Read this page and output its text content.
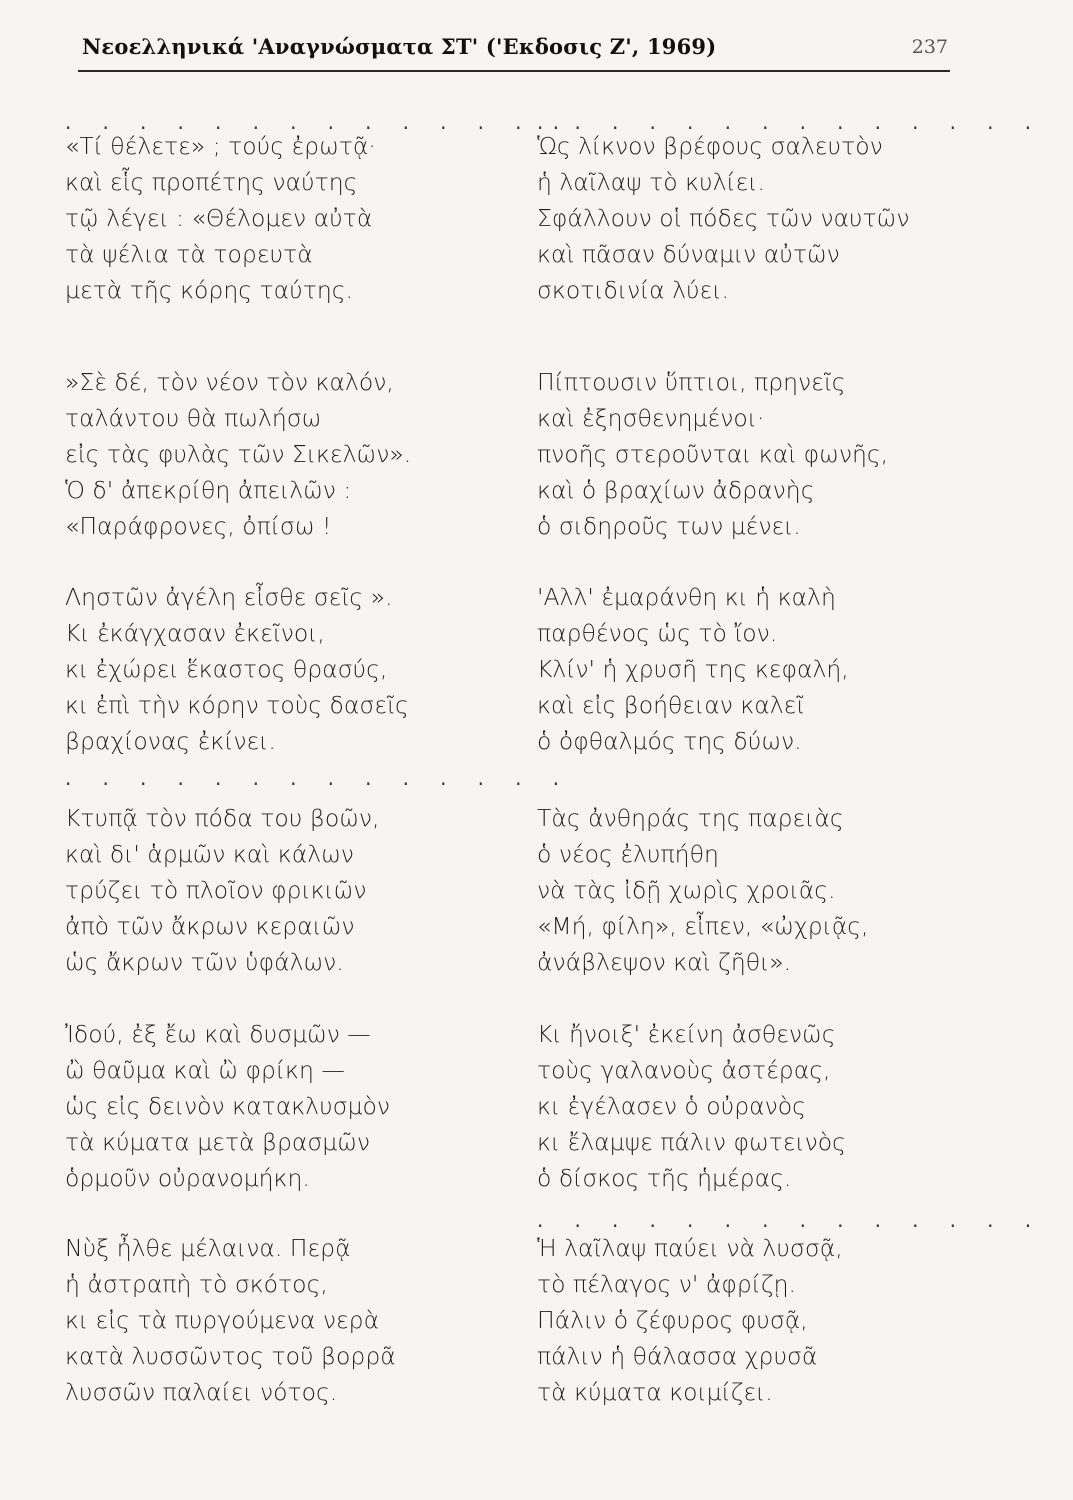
Νεοελληνικά 'Αναγνώσματα ΣΤ' ('Εκδοσις Ζ', 1969)	237
. . . . . . . . . . . . . .
«Τί θέλετε» ; τούς ἐρωτᾷ·
καὶ εἷς προπέτης ναύτης
τῷ λέγει : «Θέλομεν αὐτὰ
τὰ ψέλια τὰ τορευτὰ
μετὰ τῆς κόρης ταύτης.
»Σὲ δέ, τὸν νέον τὸν καλόν,
ταλάντου θὰ πωλήσω
εἰς τὰς φυλὰς τῶν Σικελῶν».
Ὁ δ' ἀπεκρίθη ἀπειλῶν :
«Παράφρονες, ὀπίσω !
Ληστῶν ἀγέλη εἶσθε σεῖς ».
Κι ἐκάγχασαν ἐκεῖνοι,
κι ἐχώρει ἕκαστος θρασύς,
κι ἐπὶ τὴν κόρην τοὺς δασεῖς
βραχίονας ἐκίνει.
. . . . . . . . . . . . . .
Κτυπᾷ τὸν πόδα του βοῶν,
καὶ δι' ἁρμῶν καὶ κάλων
τρύζει τὸ πλοῖον φρικιῶν
ἀπὸ τῶν ἄκρων κεραιῶν
ὡς ἄκρων τῶν ὑφάλων.
Ἰδού, ἐξ ἔω καὶ δυσμῶν —
ὢ θαῦμα καὶ ὢ φρίκη —
ὡς εἰς δεινὸν κατακλυσμὸν
τὰ κύματα μετὰ βρασμῶν
ὁρμοῦν οὐρανομήκη.
Νὺξ ἦλθε μέλαινα. Περᾷ
ἡ ἀστραπὴ τὸ σκότος,
κι εἰς τὰ πυργούμενα νερὰ
κατὰ λυσσῶντος τοῦ βορρᾶ
λυσσῶν παλαίει νότος.
. . . . . . . . . . . . . .
Ὡς λίκνον βρέφους σαλευτὸν
ἡ λαῖλαψ τὸ κυλίει.
Σφάλλουν οἱ πόδες τῶν ναυτῶν
καὶ πᾶσαν δύναμιν αὐτῶν
σκοτιδινία λύει.
Πίπτουσιν ὕπτιοι, πρηνεῖς
καὶ ἐξησθενημένοι·
πνοῆς στεροῦνται καὶ φωνῆς,
καὶ ὁ βραχίων ἀδρανὴς
ὁ σιδηροῦς των μένει.
'Αλλ' ἐμαράνθη κι ἡ καλὴ
παρθένος ὡς τὸ ἴον.
Κλίν' ἡ χρυσῆ της κεφαλή,
καὶ εἰς βοήθειαν καλεῖ
ὁ ὀφθαλμός της δύων.
Τὰς ἀνθηράς της παρειὰς
ὁ νέος ἐλυπήθη
νὰ τὰς ἰδῇ χωρὶς χροιᾶς.
«Μή, φίλη», εἶπεν, «ὠχριᾷς,
ἀνάβλεψον καὶ ζῆθι».
Κι ἤνοιξ' ἐκείνη ἀσθενῶς
τοὺς γαλανοὺς ἀστέρας,
κι ἐγέλασεν ὁ οὐρανὸς
κι ἔλαμψε πάλιν φωτεινὸς
ὁ δίσκος τῆς ἡμέρας.
. . . . . . . . . . . . . .
Ἡ λαῖλαψ παύει νὰ λυσσᾷ,
τὸ πέλαγος ν' ἀφρίζῃ.
Πάλιν ὁ ζέφυρος φυσᾷ,
πάλιν ἡ θάλασσα χρυσᾶ
τὰ κύματα κοιμίζει.
